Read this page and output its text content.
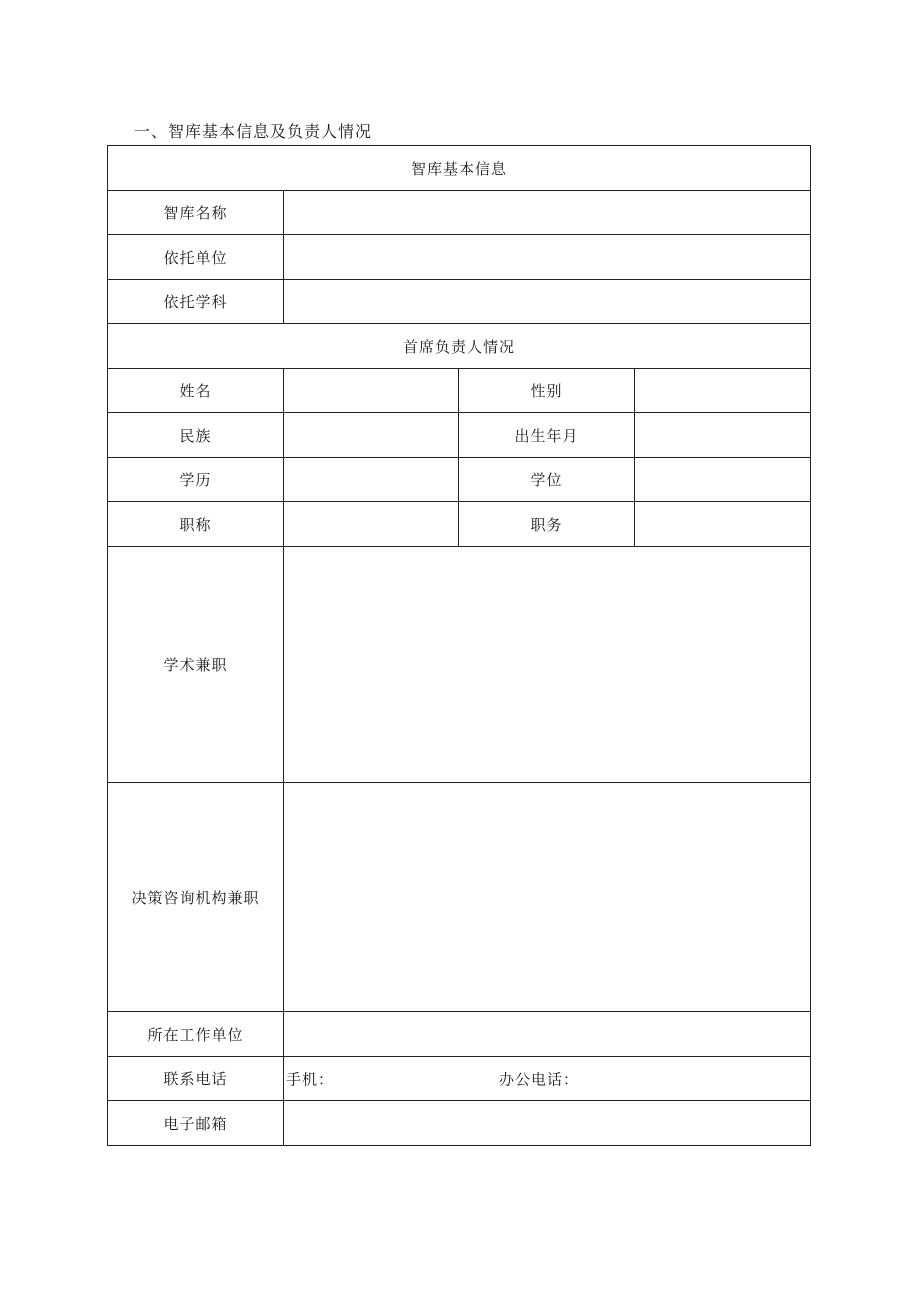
一、智库基本信息及负责人情况
智库基本信息			
智库名称			
依托单位			
依托学科			
首席负责人情况			
姓名		性别	
民族		出生年月	
学历		学位	
职称		职务	
学术兼职			
决策咨询机构兼职			
所在工作单位			
联系电话	手机： 办公电话：		

电子邮箱			
